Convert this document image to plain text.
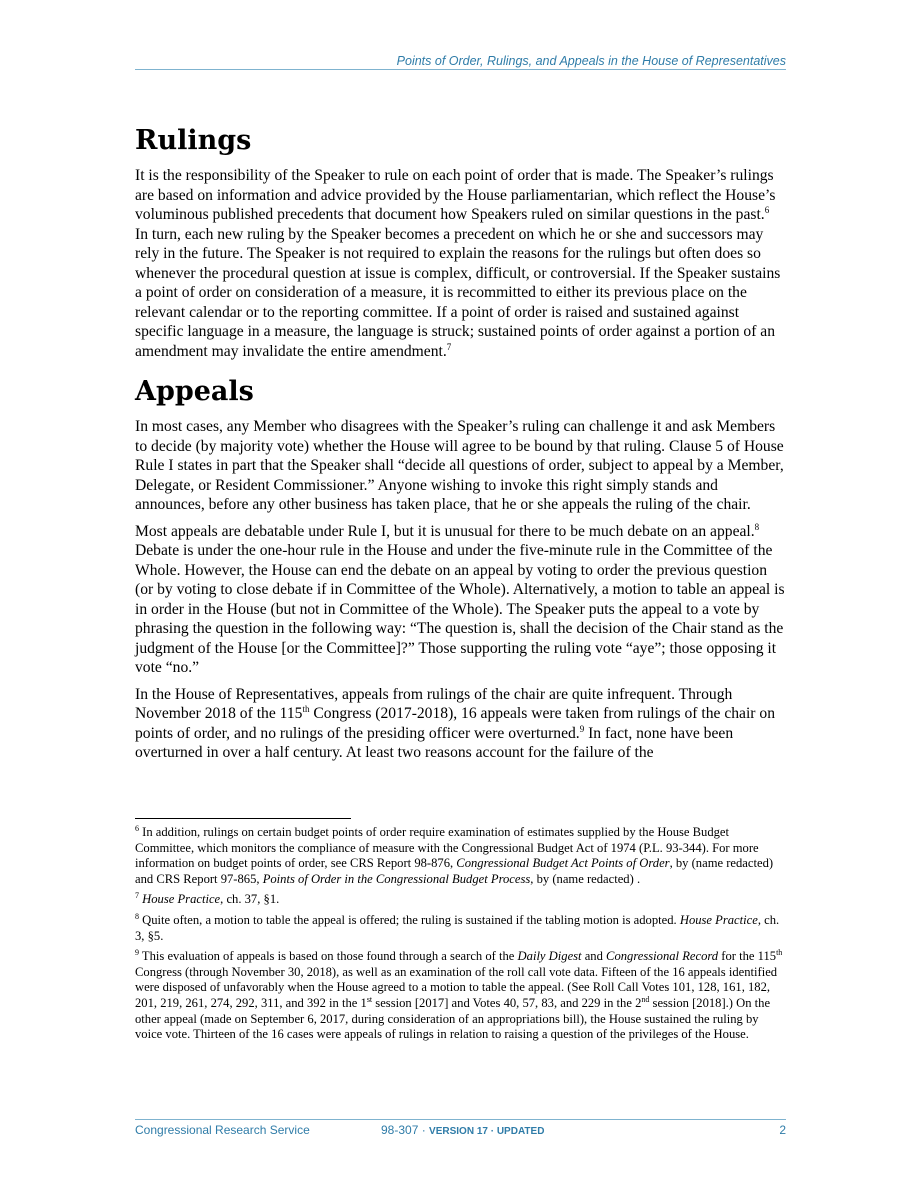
Points of Order, Rulings, and Appeals in the House of Representatives
Rulings

It is the responsibility of the Speaker to rule on each point of order that is made. The Speaker’s rulings are based on information and advice provided by the House parliamentarian, which reflect the House’s voluminous published precedents that document how Speakers ruled on similar questions in the past.$^6$ In turn, each new ruling by the Speaker becomes a precedent on which he or she and successors may rely in the future. The Speaker is not required to explain the reasons for the rulings but often does so whenever the procedural question at issue is complex, difficult, or controversial. If the Speaker sustains a point of order on consideration of a measure, it is recommitted to either its previous place on the relevant calendar or to the reporting committee. If a point of order is raised and sustained against specific language in a measure, the language is struck; sustained points of order against a portion of an amendment may invalidate the entire amendment.$^7$

Appeals

In most cases, any Member who disagrees with the Speaker’s ruling can challenge it and ask Members to decide (by majority vote) whether the House will agree to be bound by that ruling. Clause 5 of House Rule I states in part that the Speaker shall “decide all questions of order, subject to appeal by a Member, Delegate, or Resident Commissioner.” Anyone wishing to invoke this right simply stands and announces, before any other business has taken place, that he or she appeals the ruling of the chair.

Most appeals are debatable under Rule I, but it is unusual for there to be much debate on an appeal.$^8$ Debate is under the one-hour rule in the House and under the five-minute rule in the Committee of the Whole. However, the House can end the debate on an appeal by voting to order the previous question (or by voting to close debate if in Committee of the Whole). Alternatively, a motion to table an appeal is in order in the House (but not in Committee of the Whole). The Speaker puts the appeal to a vote by phrasing the question in the following way: “The question is, shall the decision of the Chair stand as the judgment of the House [or the Committee]?” Those supporting the ruling vote “aye”; those opposing it vote “no.”

In the House of Representatives, appeals from rulings of the chair are quite infrequent. Through November 2018 of the 115th Congress (2017-2018), 16 appeals were taken from rulings of the chair on points of order, and no rulings of the presiding officer were overturned.$^9$ In fact, none have been overturned in over a half century. At least two reasons account for the failure of the

$^6$ In addition, rulings on certain budget points of order require examination of estimates supplied by the House Budget Committee, which monitors the compliance of measure with the Congressional Budget Act of 1974 (P.L. 93-344). For more information on budget points of order, see CRS Report 98-876, Congressional Budget Act Points of Order, by (name redacted) and CRS Report 97-865, Points of Order in the Congressional Budget Process, by (name redacted) .

$^7$ House Practice, ch. 37, §1.

$^8$ Quite often, a motion to table the appeal is offered; the ruling is sustained if the tabling motion is adopted. House Practice, ch. 3, §5.

$^9$ This evaluation of appeals is based on those found through a search of the Daily Digest and Congressional Record for the 115th Congress (through November 30, 2018), as well as an examination of the roll call vote data. Fifteen of the 16 appeals identified were disposed of unfavorably when the House agreed to a motion to table the appeal. (See Roll Call Votes 101, 128, 161, 182, 201, 219, 261, 274, 292, 311, and 392 in the 1st session [2017] and Votes 40, 57, 83, and 229 in the 2nd session [2018].) On the other appeal (made on September 6, 2017, during consideration of an appropriations bill), the House sustained the ruling by voice vote. Thirteen of the 16 cases were appeals of rulings in relation to raising a question of the privileges of the House.

Congressional Research Service	98-307 · VERSION 17 · UPDATED	2
